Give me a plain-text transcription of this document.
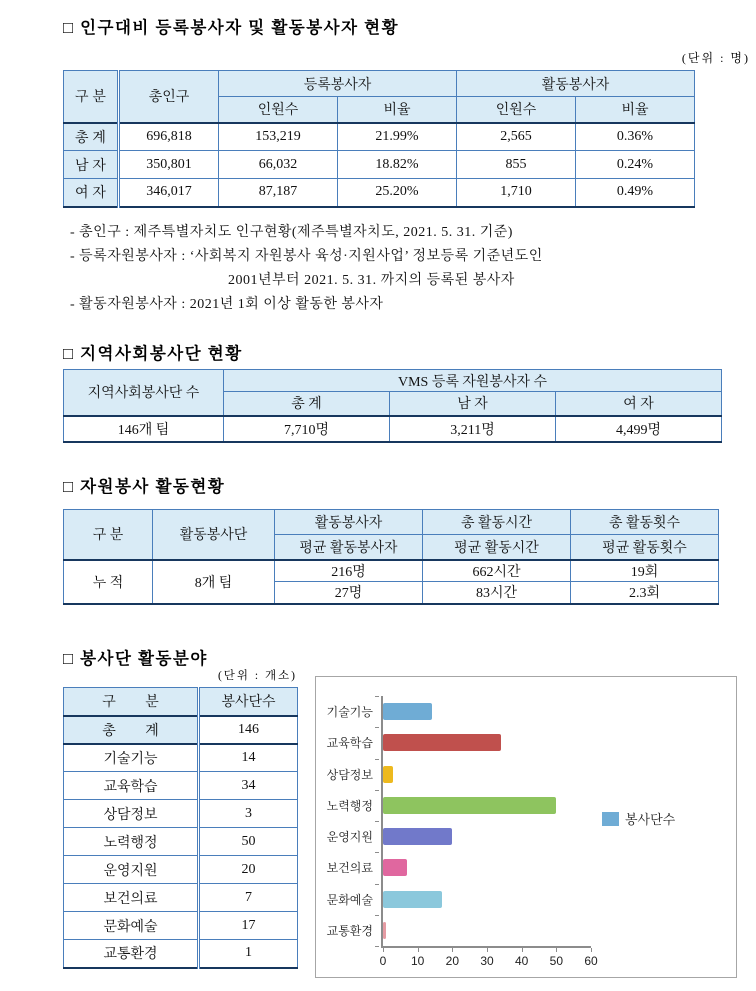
□ 인구대비 등록봉사자 및 활동봉사자 현황
(단위 : 명)
구 분	총인구	등록봉사자		활동봉사자	
		인원수	비율	인원수	비율
총 계	696,818	153,219	21.99%	2,565	0.36%
남 자	350,801	66,032	18.82%	855	0.24%
여 자	346,017	87,187	25.20%	1,710	0.49%
- 총인구 : 제주특별자치도 인구현황(제주특별자치도, 2021. 5. 31. 기준)
- 등록자원봉사자 : ‘사회복지 자원봉사 육성·지원사업’ 정보등록 기준년도인
2001년부터 2021. 5. 31. 까지의 등록된 봉사자
- 활동자원봉사자 : 2021년 1회 이상 활동한 봉사자
□ 지역사회봉사단 현황
지역사회봉사단 수	VMS 등록 자원봉사자 수		
	총 계	남 자	여 자
146개 팀	7,710명	3,211명	4,499명
□ 자원봉사 활동현황
구 분	활동봉사단	활동봉사자	총 활동시간	총 활동횟수
		평균 활동봉사자	평균 활동시간	평균 활동횟수
누 적	8개 팀	216명	662시간	19회
		27명	83시간	2.3회
□ 봉사단 활동분야
(단위 : 개소)
구 분	봉사단수
총 계	146
기술기능	14
교육학습	34
상담정보	3
노력행정	50
운영지원	20
보건의료	7
문화예술	17
교통환경	1
기술기능
교육학습
상담정보
노력행정
운영지원
보건의료
문화예술
교통환경
0 10 20 30 40 50 60
봉사단수
